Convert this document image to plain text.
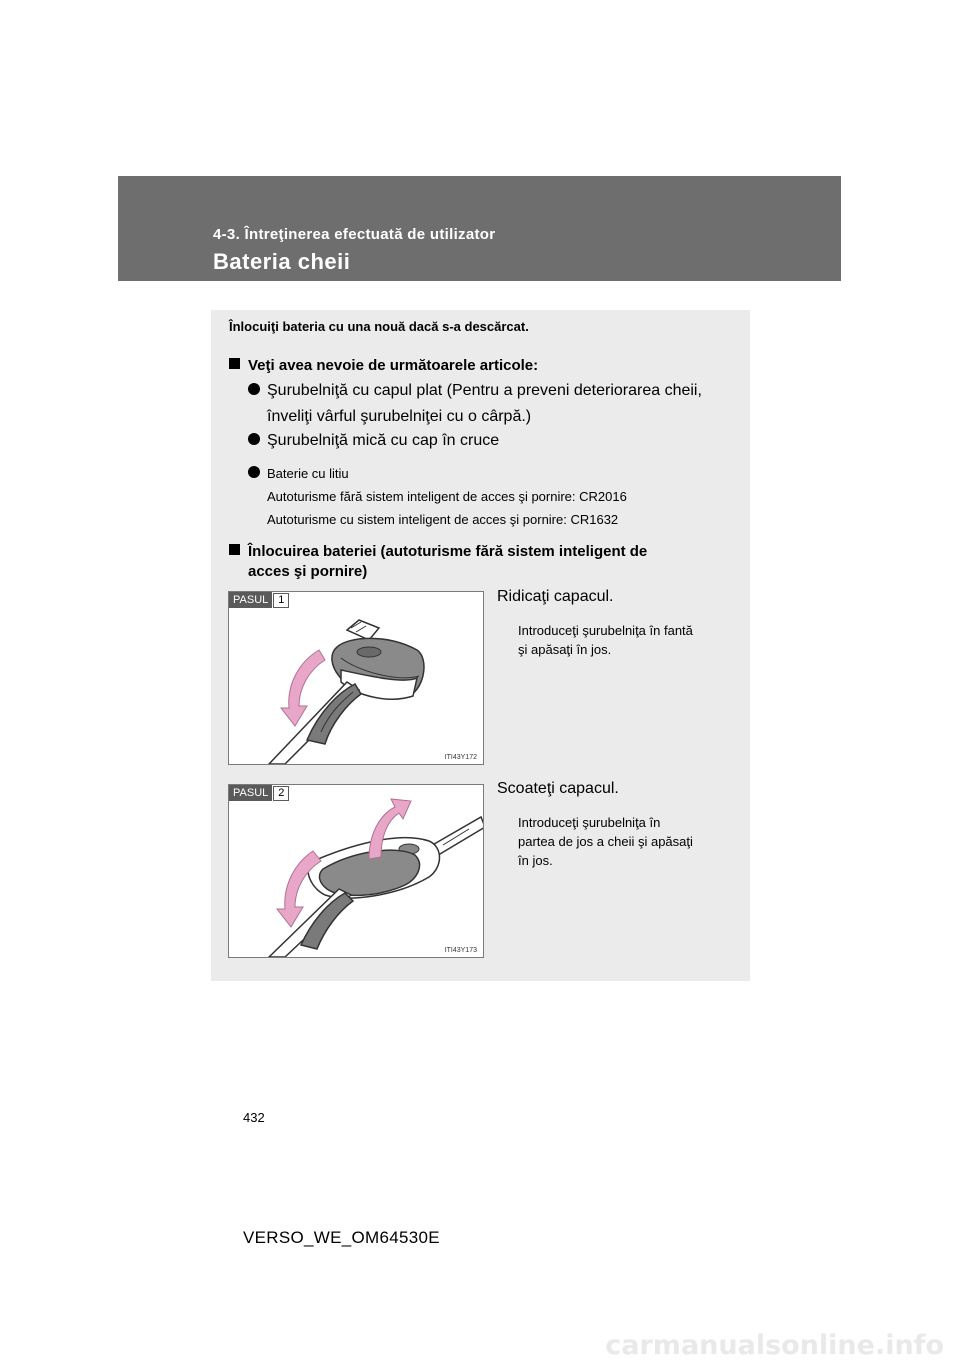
4-3. Întreţinerea efectuată de utilizator
Bateria cheii
Înlocuiţi bateria cu una nouă dacă s-a descărcat.
Veţi avea nevoie de următoarele articole:
Şurubelniţă cu capul plat (Pentru a preveni deteriorarea cheii,
înveliţi vârful şurubelniţei cu o cârpă.)
Şurubelniţă mică cu cap în cruce
Baterie cu litiu
Autoturisme fără sistem inteligent de acces şi pornire: CR2016
Autoturisme cu sistem inteligent de acces şi pornire: CR1632
Înlocuirea bateriei (autoturisme fără sistem inteligent de
acces şi pornire)
PASUL 1
ITI43Y172
Ridicaţi capacul.
Introduceţi şurubelniţa în fantă
şi apăsaţi în jos.
PASUL 2
ITI43Y173
Scoateţi capacul.
Introduceţi şurubelniţa în
partea de jos a cheii şi apăsaţi
în jos.
432
VERSO_WE_OM64530E
carmanualsonline.info
